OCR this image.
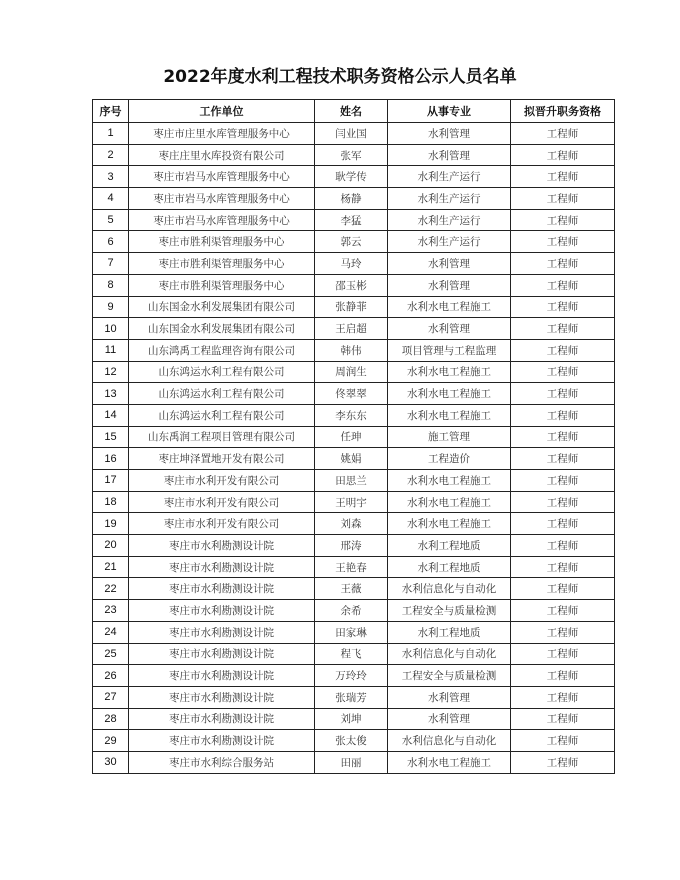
2022年度水利工程技术职务资格公示人员名单
序号	工作单位	姓名	从事专业	拟晋升职务资格
1	枣庄市庄里水库管理服务中心	闫业国	水利管理	工程师
2	枣庄庄里水库投资有限公司	张军	水利管理	工程师
3	枣庄市岩马水库管理服务中心	耿学传	水利生产运行	工程师
4	枣庄市岩马水库管理服务中心	杨静	水利生产运行	工程师
5	枣庄市岩马水库管理服务中心	李猛	水利生产运行	工程师
6	枣庄市胜利渠管理服务中心	郭云	水利生产运行	工程师
7	枣庄市胜利渠管理服务中心	马玲	水利管理	工程师
8	枣庄市胜利渠管理服务中心	邵玉彬	水利管理	工程师
9	山东国金水利发展集团有限公司	张静菲	水利水电工程施工	工程师
10	山东国金水利发展集团有限公司	王启超	水利管理	工程师
11	山东鸿禹工程监理咨询有限公司	韩伟	项目管理与工程监理	工程师
12	山东鸿运水利工程有限公司	周润生	水利水电工程施工	工程师
13	山东鸿运水利工程有限公司	佟翠翠	水利水电工程施工	工程师
14	山东鸿运水利工程有限公司	李东东	水利水电工程施工	工程师
15	山东禹润工程项目管理有限公司	任珅	施工管理	工程师
16	枣庄坤泽置地开发有限公司	姚娟	工程造价	工程师
17	枣庄市水利开发有限公司	田思兰	水利水电工程施工	工程师
18	枣庄市水利开发有限公司	王明宇	水利水电工程施工	工程师
19	枣庄市水利开发有限公司	刘森	水利水电工程施工	工程师
20	枣庄市水利勘测设计院	邢涛	水利工程地质	工程师
21	枣庄市水利勘测设计院	王艳春	水利工程地质	工程师
22	枣庄市水利勘测设计院	王薇	水利信息化与自动化	工程师
23	枣庄市水利勘测设计院	余希	工程安全与质量检测	工程师
24	枣庄市水利勘测设计院	田家琳	水利工程地质	工程师
25	枣庄市水利勘测设计院	程飞	水利信息化与自动化	工程师
26	枣庄市水利勘测设计院	万玲玲	工程安全与质量检测	工程师
27	枣庄市水利勘测设计院	张瑞芳	水利管理	工程师
28	枣庄市水利勘测设计院	刘坤	水利管理	工程师
29	枣庄市水利勘测设计院	张太俊	水利信息化与自动化	工程师
30	枣庄市水利综合服务站	田丽	水利水电工程施工	工程师
